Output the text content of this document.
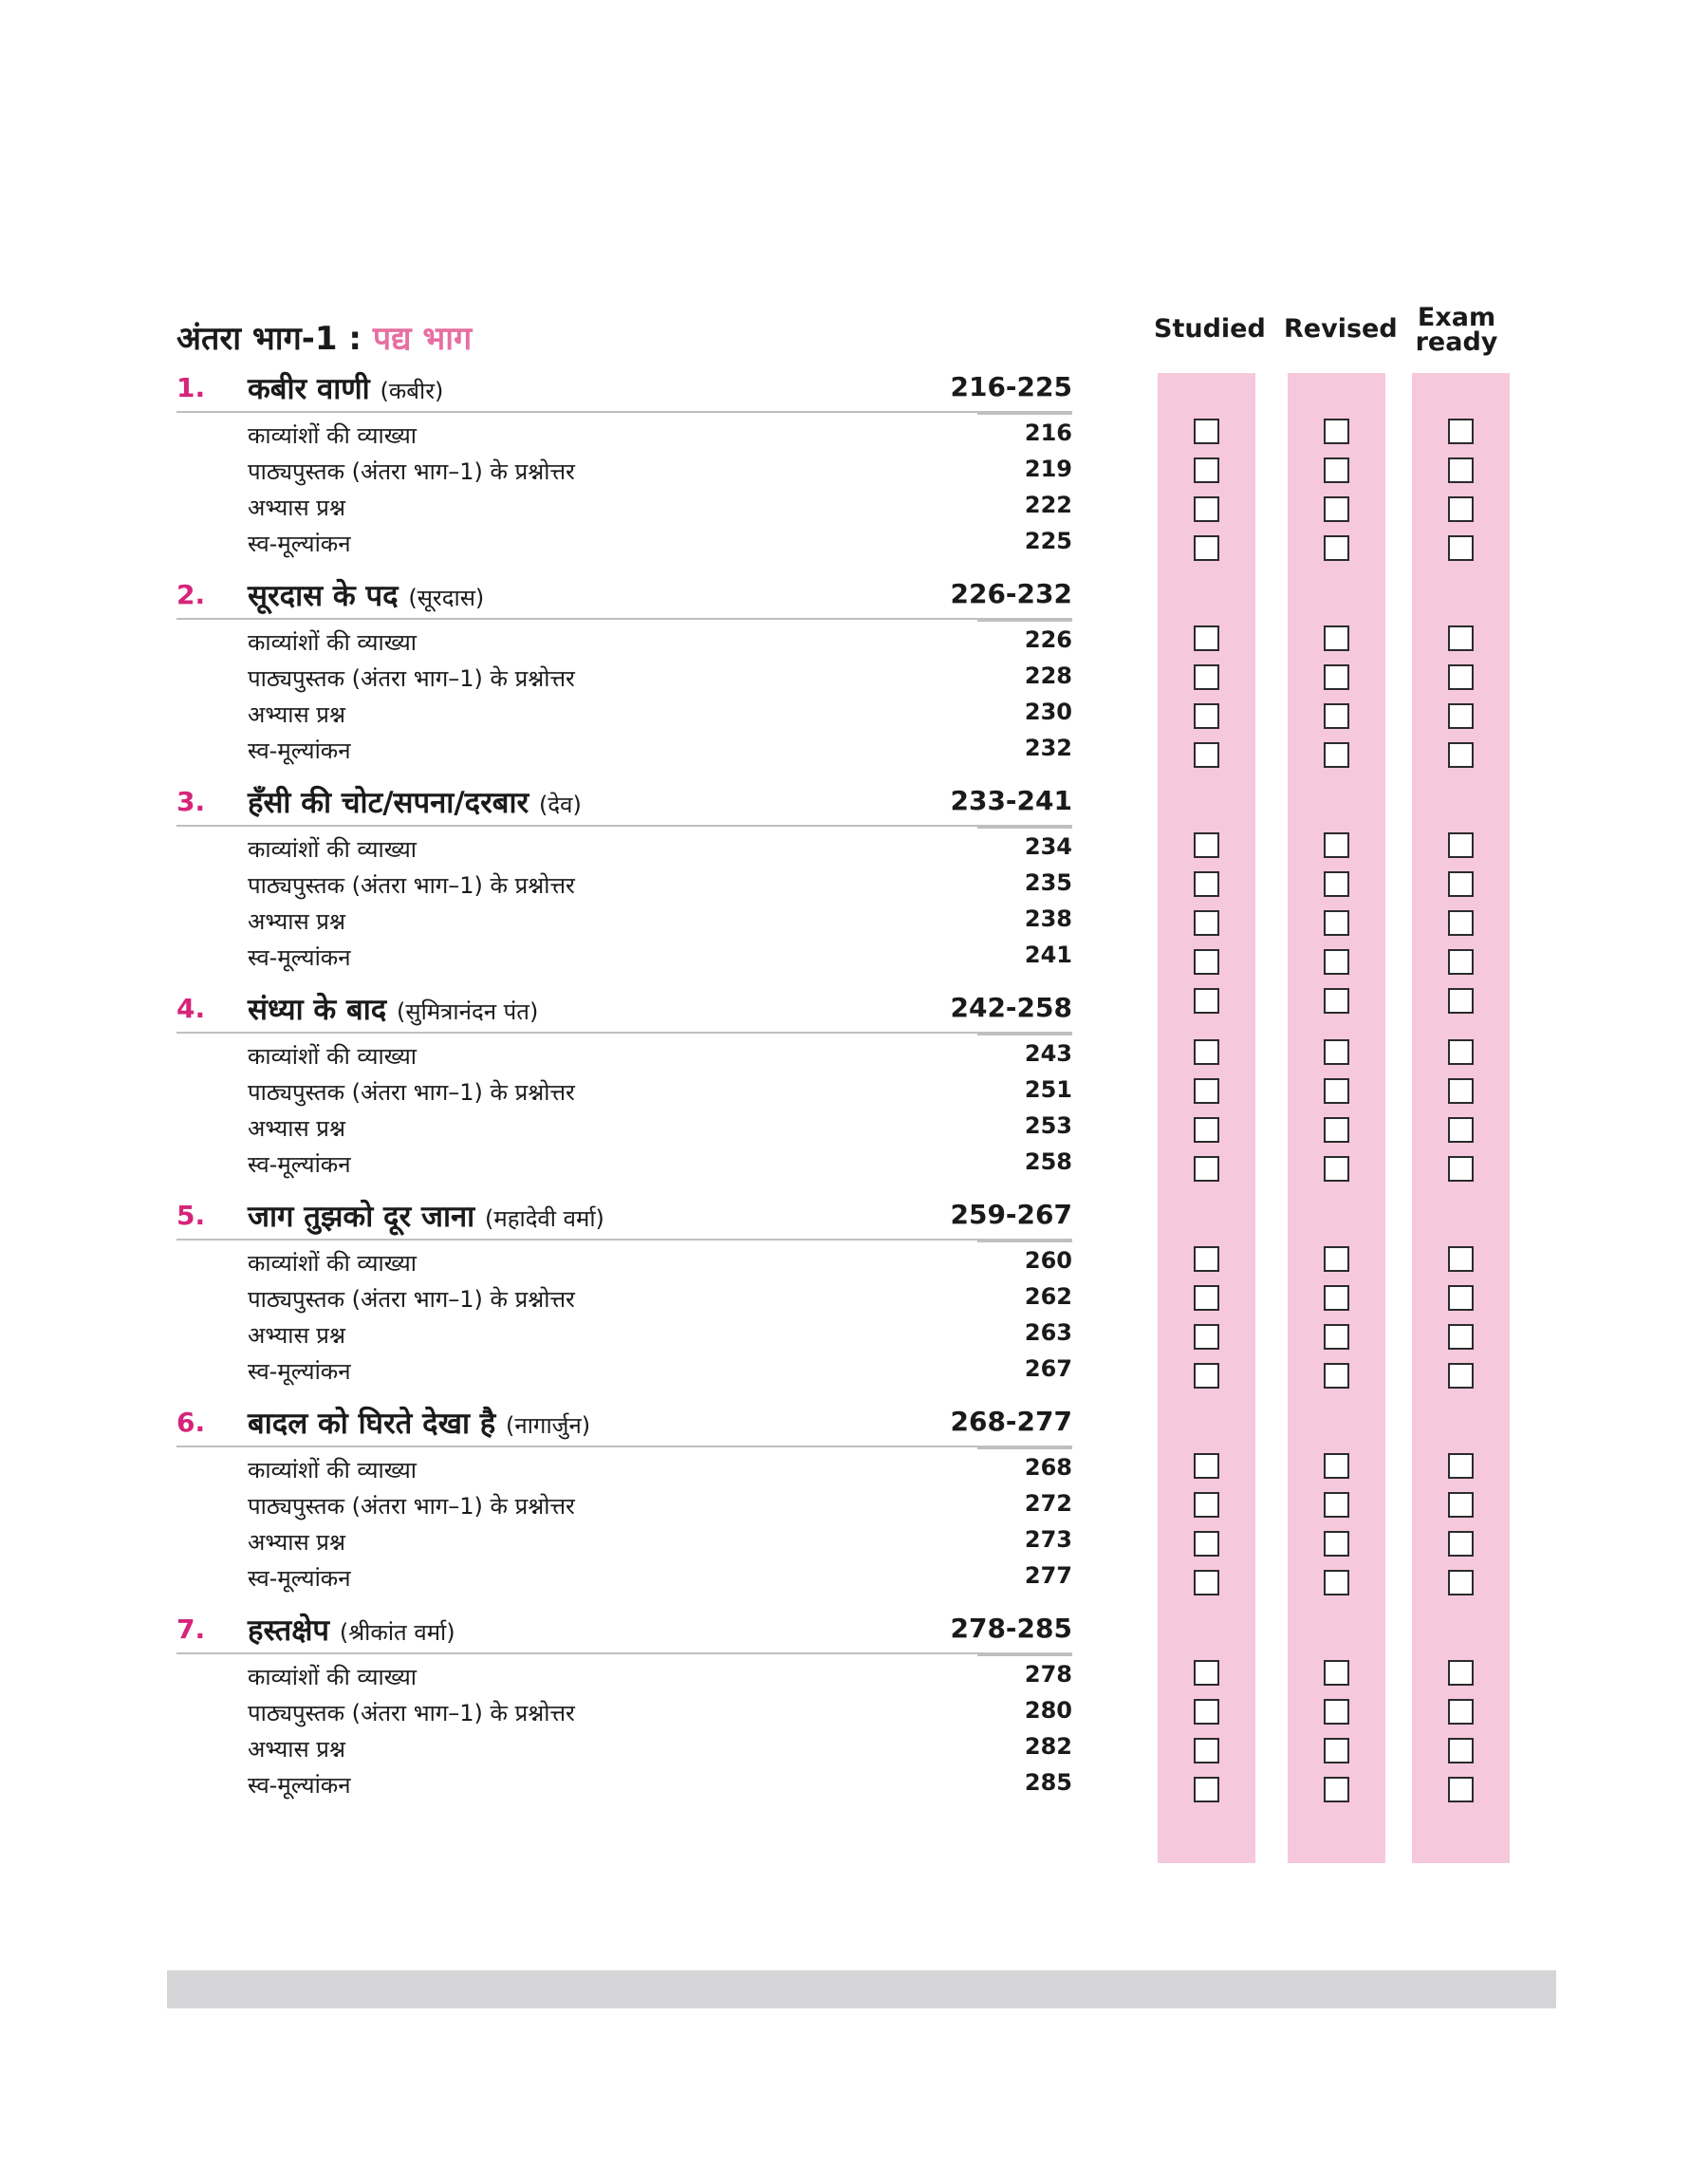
अंतरा भाग-1 : पद्य भाग	Studied Revised Exam
ready
1. कबीर वाणी (कबीर)	216-225
काव्यांशों की व्याख्या	216
पाठ्यपुस्तक (अंतरा भाग–1) के प्रश्नोत्तर	219
अभ्यास प्रश्न	222
स्व-मूल्यांकन	225
2. सूरदास के पद (सूरदास)	226-232
काव्यांशों की व्याख्या	226
पाठ्यपुस्तक (अंतरा भाग–1) के प्रश्नोत्तर	228
अभ्यास प्रश्न	230
स्व-मूल्यांकन	232
3. हँसी की चोट/सपना/दरबार (देव)	233-241
काव्यांशों की व्याख्या	234
पाठ्यपुस्तक (अंतरा भाग–1) के प्रश्नोत्तर	235
अभ्यास प्रश्न	238
स्व-मूल्यांकन	241
4. संध्या के बाद (सुमित्रानंदन पंत)	242-258
काव्यांशों की व्याख्या	243
पाठ्यपुस्तक (अंतरा भाग–1) के प्रश्नोत्तर	251
अभ्यास प्रश्न	253
स्व-मूल्यांकन	258
5. जाग तुझको दूर जाना (महादेवी वर्मा)	259-267
काव्यांशों की व्याख्या	260
पाठ्यपुस्तक (अंतरा भाग–1) के प्रश्नोत्तर	262
अभ्यास प्रश्न	263
स्व-मूल्यांकन	267
6. बादल को घिरते देखा है (नागार्जुन)	268-277
काव्यांशों की व्याख्या	268
पाठ्यपुस्तक (अंतरा भाग–1) के प्रश्नोत्तर	272
अभ्यास प्रश्न	273
स्व-मूल्यांकन	277
7. हस्तक्षेप (श्रीकांत वर्मा)	278-285
काव्यांशों की व्याख्या	278
पाठ्यपुस्तक (अंतरा भाग–1) के प्रश्नोत्तर	280
अभ्यास प्रश्न	282
स्व-मूल्यांकन	285
